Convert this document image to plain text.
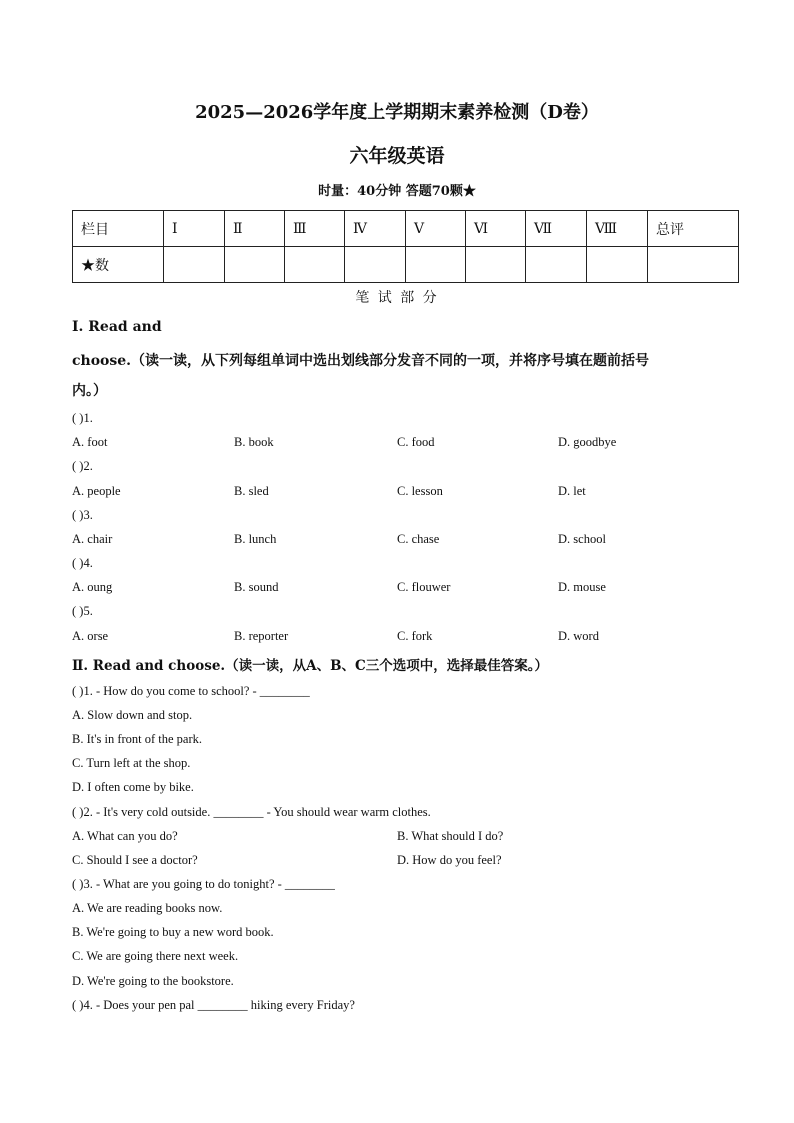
2025—2026学年度上学期期末素养检测（D卷）
六年级英语
时量：40分钟 答题70颗★
栏目	Ⅰ	Ⅱ	Ⅲ	Ⅳ	Ⅴ	Ⅵ	Ⅶ	Ⅷ	总评
★数									
笔 试 部 分
Ⅰ. Read and
choose.（读一读，从下列每组单词中选出划线部分发音不同的一项，并将序号填在题前括号
内。）
( )1.
A. foot	B. book	C. food	D. goodbye
( )2.
A. people	B. sled	C. lesson	D. let
( )3.
A. chair	B. lunch	C. chase	D. school
( )4.
A. oung	B. sound	C. flouwer	D. mouse
( )5.
A. orse	B. reporter	C. fork	D. word
Ⅱ. Read and choose.（读一读，从A、B、C三个选项中，选择最佳答案。）
( )1. - How do you come to school? - ________
A. Slow down and stop.
B. It's in front of the park.
C. Turn left at the shop.
D. I often come by bike.
( )2. - It's very cold outside. ________ - You should wear warm clothes.
A. What can you do?	B. What should I do?
C. Should I see a doctor?	D. How do you feel?
( )3. - What are you going to do tonight? - ________
A. We are reading books now.
B. We're going to buy a new word book.
C. We are going there next week.
D. We're going to the bookstore.
( )4. - Does your pen pal ________ hiking every Friday?
